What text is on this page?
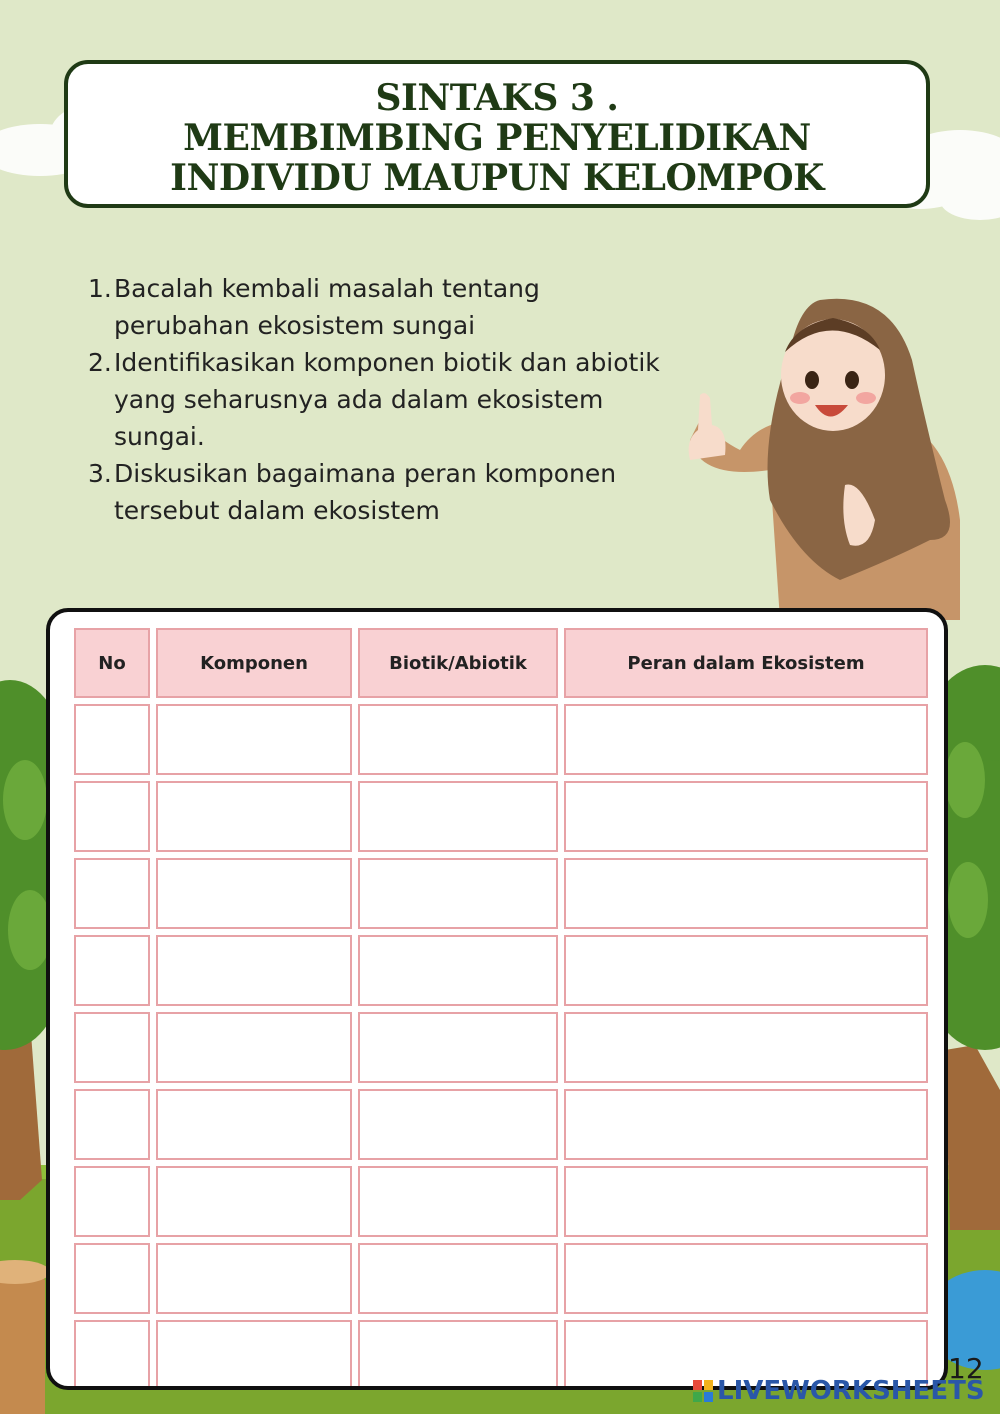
SINTAKS 3 .
MEMBIMBING PENYELIDIKAN
INDIVIDU MAUPUN KELOMPOK
1. Bacalah kembali masalah tentang
perubahan ekosistem sungai
2. Identifikasikan komponen biotik dan abiotik
yang seharusnya ada dalam ekosistem
sungai.
3. Diskusikan bagaimana peran komponen
tersebut dalam ekosistem
No	Komponen	Biotik/Abiotik	Peran dalam Ekosistem

12
LIVEWORKSHEETS
